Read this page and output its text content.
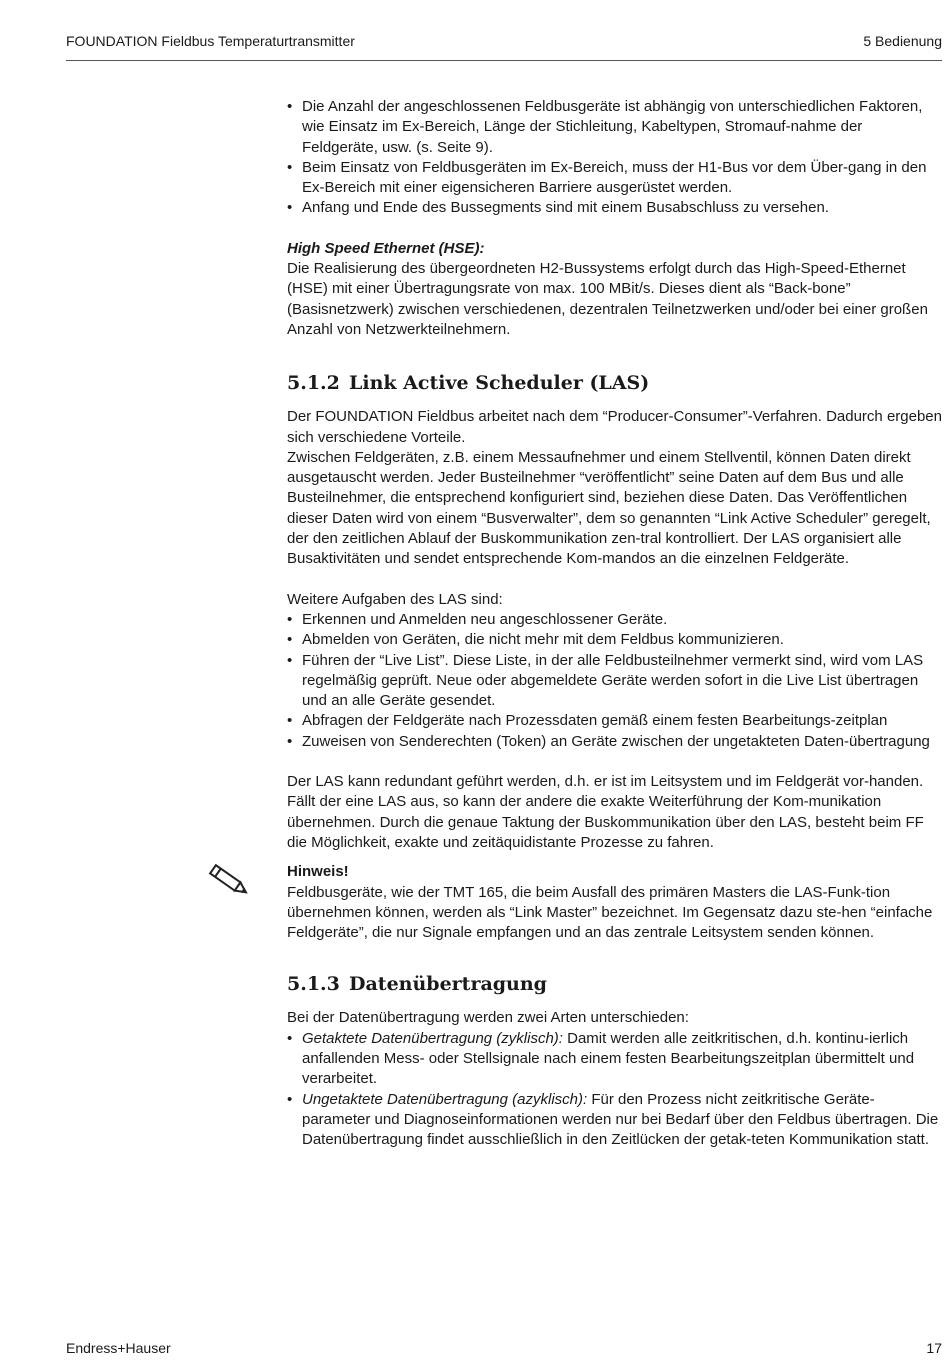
FOUNDATION Fieldbus Temperaturtransmitter	5 Bedienung
• Die Anzahl der angeschlossenen Feldbusgeräte ist abhängig von unterschiedlichen Faktoren, wie Einsatz im Ex-Bereich, Länge der Stichleitung, Kabeltypen, Stromauf-nahme der Feldgeräte, usw. (s. Seite 9).
• Beim Einsatz von Feldbusgeräten im Ex-Bereich, muss der H1-Bus vor dem Über-gang in den Ex-Bereich mit einer eigensicheren Barriere ausgerüstet werden.
• Anfang und Ende des Bussegments sind mit einem Busabschluss zu versehen.

High Speed Ethernet (HSE):

Die Realisierung des übergeordneten H2-Bussystems erfolgt durch das High-Speed-Ethernet (HSE) mit einer Übertragungsrate von max. 100 MBit/s. Dieses dient als “Back-bone” (Basisnetzwerk) zwischen verschiedenen, dezentralen Teilnetzwerken und/oder bei einer großen Anzahl von Netzwerkteilnehmern.

5.1.2 Link Active Scheduler (LAS)

Der FOUNDATION Fieldbus arbeitet nach dem “Producer-Consumer”-Verfahren. Dadurch ergeben sich verschiedene Vorteile.

Zwischen Feldgeräten, z.B. einem Messaufnehmer und einem Stellventil, können Daten direkt ausgetauscht werden. Jeder Busteilnehmer “veröffentlicht” seine Daten auf dem Bus und alle Busteilnehmer, die entsprechend konfiguriert sind, beziehen diese Daten. Das Veröffentlichen dieser Daten wird von einem “Busverwalter”, dem so genannten “Link Active Scheduler” geregelt, der den zeitlichen Ablauf der Buskommunikation zen-tral kontrolliert. Der LAS organisiert alle Busaktivitäten und sendet entsprechende Kom-mandos an die einzelnen Feldgeräte.

Weitere Aufgaben des LAS sind:

• Erkennen und Anmelden neu angeschlossener Geräte.
• Abmelden von Geräten, die nicht mehr mit dem Feldbus kommunizieren.
• Führen der “Live List”. Diese Liste, in der alle Feldbusteilnehmer vermerkt sind, wird vom LAS regelmäßig geprüft. Neue oder abgemeldete Geräte werden sofort in die Live List übertragen und an alle Geräte gesendet.
• Abfragen der Feldgeräte nach Prozessdaten gemäß einem festen Bearbeitungs-zeitplan
• Zuweisen von Senderechten (Token) an Geräte zwischen der ungetakteten Daten-übertragung

Der LAS kann redundant geführt werden, d.h. er ist im Leitsystem und im Feldgerät vor-handen. Fällt der eine LAS aus, so kann der andere die exakte Weiterführung der Kom-munikation übernehmen. Durch die genaue Taktung der Buskommunikation über den LAS, besteht beim FF die Möglichkeit, exakte und zeitäquidistante Prozesse zu fahren.

Hinweis!

Feldbusgeräte, wie der TMT 165, die beim Ausfall des primären Masters die LAS-Funk-tion übernehmen können, werden als “Link Master” bezeichnet. Im Gegensatz dazu ste-hen “einfache Feldgeräte”, die nur Signale empfangen und an das zentrale Leitsystem senden können.

5.1.3 Datenübertragung

Bei der Datenübertragung werden zwei Arten unterschieden:

• Getaktete Datenübertragung (zyklisch): Damit werden alle zeitkritischen, d.h. kontinu-ierlich anfallenden Mess- oder Stellsignale nach einem festen Bearbeitungszeitplan übermittelt und verarbeitet.
• Ungetaktete Datenübertragung (azyklisch): Für den Prozess nicht zeitkritische Geräte-parameter und Diagnoseinformationen werden nur bei Bedarf über den Feldbus übertragen. Die Datenübertragung findet ausschließlich in den Zeitlücken der getak-teten Kommunikation statt.
Endress+Hauser	17
